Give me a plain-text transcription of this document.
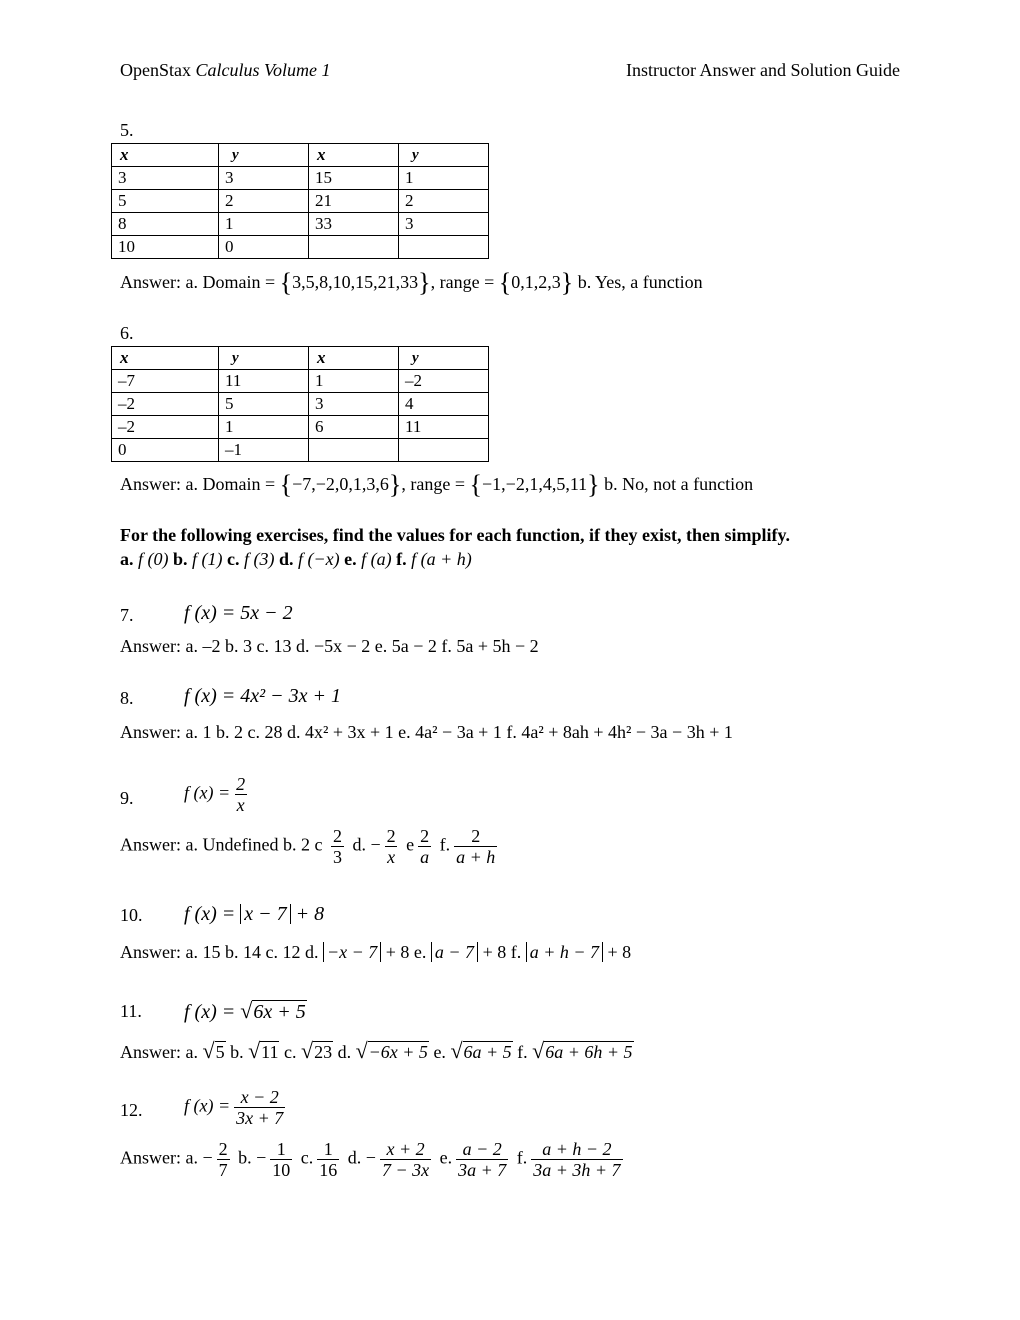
OpenStax Calculus Volume 1	Instructor Answer and Solution Guide
5.
x	y	x	y
3	3	15	1
5	2	21	2
8	1	33	3
10	0		
Answer: a. Domain = {3,5,8,10,15,21,33}, range = {0,1,2,3} b. Yes, a function
6.
x	y	x	y
–7	11	1	–2
–2	5	3	4
–2	1	6	11
0	–1		
Answer: a. Domain = {−7,−2,0,1,3,6}, range = {−1,−2,1,4,5,11} b. No, not a function
For the following exercises, find the values for each function, if they exist, then simplify.
a. f (0) b. f (1) c. f (3) d. f (−x) e. f (a) f. f (a + h)
7.	f (x) = 5x − 2
Answer: a. –2 b. 3 c. 13 d. −5x − 2 e. 5a − 2 f. 5a + 5h − 2
8.	f (x) = 4x² − 3x + 1
Answer: a. 1 b. 2 c. 28 d. 4x² + 3x + 1 e. 4a² − 3a + 1 f. 4a² + 8ah + 4h² − 3a − 3h + 1
9.	f $(x) = \frac{2}{x}$
Answer: a. Undefined b. 2 c $\frac{2}{3} d$. − $\frac{2}{x}$ e $\frac{2}{a} f$. $\frac{2}{a + h}$
10. f (x) = x − 7 + 8
Answer: a. 15 b. 14 c. 12 d. −x − 7 + 8 e. a − 7 + 8 f. a + h − 7 + 8
11. f (x) = √6x + 5
Answer: a. √5 b. √11 c. √23 d. √−6x + 5 e. √6a + 5 f. √6a + 6h + 5
12. f $(x) = \frac{x - 2}{3x + 7}$
Answer: a. − $\frac{2}{7} b$. − $\frac{1}{10} c$. $\frac{1}{16} d$. − $\frac{x + 2}{7 - 3x} e$. $\frac{a - 2}{3a + 7} f$. $\frac{a + h - 2}{3a + 3h + 7}$
